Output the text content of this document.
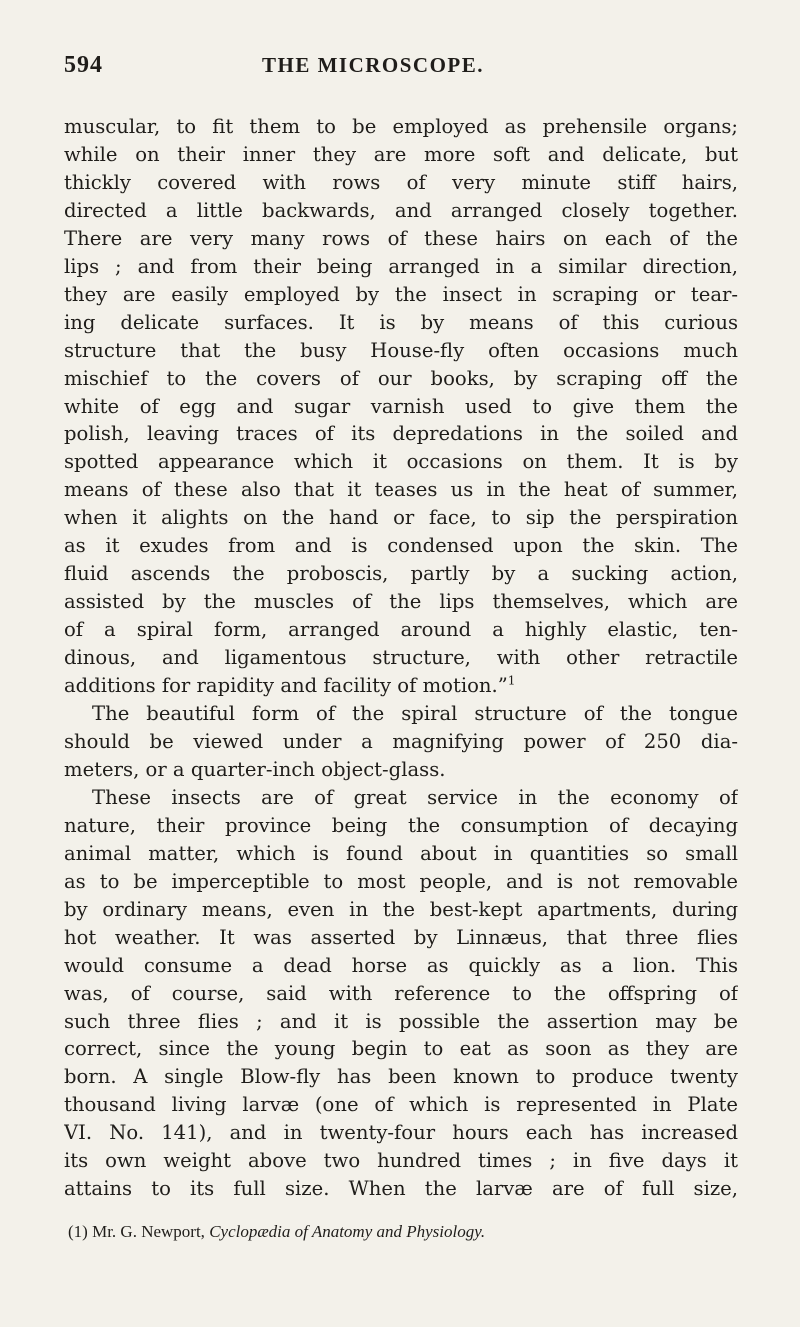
594	THE MICROSCOPE.
muscular, to fit them to be employed as prehensile organs;
while on their inner they are more soft and delicate, but
thickly covered with rows of very minute stiff hairs,
directed a little backwards, and arranged closely together.
There are very many rows of these hairs on each of the
lips ; and from their being arranged in a similar direction,
they are easily employed by the insect in scraping or tear-
ing delicate surfaces. It is by means of this curious
structure that the busy House-fly often occasions much
mischief to the covers of our books, by scraping off the
white of egg and sugar varnish used to give them the
polish, leaving traces of its depredations in the soiled and
spotted appearance which it occasions on them. It is by
means of these also that it teases us in the heat of summer,
when it alights on the hand or face, to sip the perspiration
as it exudes from and is condensed upon the skin. The
fluid ascends the proboscis, partly by a sucking action,
assisted by the muscles of the lips themselves, which are
of a spiral form, arranged around a highly elastic, ten-
dinous, and ligamentous structure, with other retractile
additions for rapidity and facility of motion.”$^1$
The beautiful form of the spiral structure of the tongue
should be viewed under a magnifying power of 250 dia-
meters, or a quarter-inch object-glass.
These insects are of great service in the economy of
nature, their province being the consumption of decaying
animal matter, which is found about in quantities so small
as to be imperceptible to most people, and is not removable
by ordinary means, even in the best-kept apartments, during
hot weather. It was asserted by Linnæus, that three flies
would consume a dead horse as quickly as a lion. This
was, of course, said with reference to the offspring of
such three flies ; and it is possible the assertion may be
correct, since the young begin to eat as soon as they are
born. A single Blow-fly has been known to produce twenty
thousand living larvæ (one of which is represented in Plate
VI. No. 141), and in twenty-four hours each has increased
its own weight above two hundred times ; in five days it
attains to its full size. When the larvæ are of full size,
(1) Mr. G. Newport, Cyclopædia of Anatomy and Physiology.
